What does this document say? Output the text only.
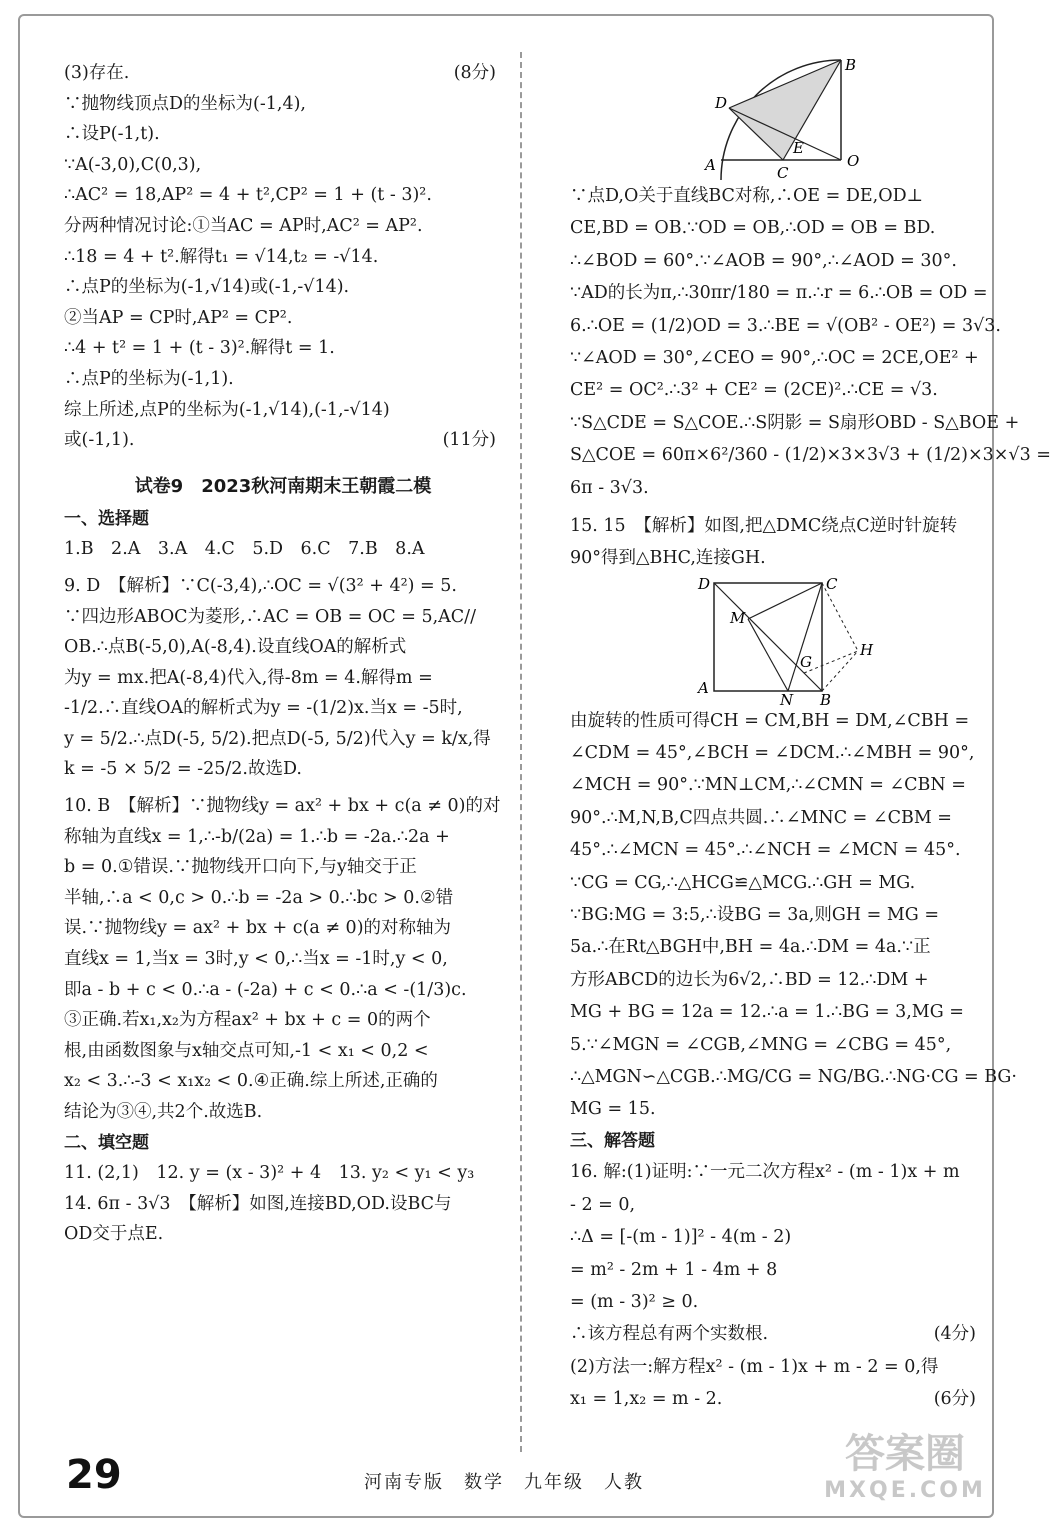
(3)存在.	(8分)
∵抛物线顶点D的坐标为(-1,4),
∴设P(-1,t).
∵A(-3,0),C(0,3),
∴AC² = 18,AP² = 4 + t²,CP² = 1 + (t - 3)².
分两种情况讨论:①当AC = AP时,AC² = AP².
∴18 = 4 + t².解得t₁ = √14,t₂ = -√14.
∴点P的坐标为(-1,√14)或(-1,-√14).
②当AP = CP时,AP² = CP².
∴4 + t² = 1 + (t - 3)².解得t = 1.
∴点P的坐标为(-1,1).
综上所述,点P的坐标为(-1,√14),(-1,-√14)
或(-1,1).	(11分)
试卷9　2023秋河南期末王朝霞二模
一、选择题
1.B　2.A　3.A　4.C　5.D　6.C　7.B　8.A
9. D　【解析】∵C(-3,4),∴OC = √(3² + 4²) = 5.
∵四边形ABOC为菱形,∴AC = OB = OC = 5,AC//
OB.∴点B(-5,0),A(-8,4).设直线OA的解析式
为y = mx.把A(-8,4)代入,得-8m = 4.解得m =
-1/2.∴直线OA的解析式为y = -(1/2)x.当x = -5时,
y = 5/2.∴点D(-5, 5/2).把点D(-5, 5/2)代入y = k/x,得
k = -5 × 5/2 = -25/2.故选D.
10. B　【解析】∵抛物线y = ax² + bx + c(a ≠ 0)的对
称轴为直线x = 1,∴-b/(2a) = 1.∴b = -2a.∴2a +
b = 0.①错误.∵抛物线开口向下,与y轴交于正
半轴,∴a < 0,c > 0.∴b = -2a > 0.∴bc > 0.②错
误.∵抛物线y = ax² + bx + c(a ≠ 0)的对称轴为
直线x = 1,当x = 3时,y < 0,∴当x = -1时,y < 0,
即a - b + c < 0.∴a - (-2a) + c < 0.∴a < -(1/3)c.
③正确.若x₁,x₂为方程ax² + bx + c = 0的两个
根,由函数图象与x轴交点可知,-1 < x₁ < 0,2 <
x₂ < 3.∴-3 < x₁x₂ < 0.④正确.综上所述,正确的
结论为③④,共2个.故选B.
二、填空题
11. (2,1)　12. y = (x - 3)² + 4　13. y₂ < y₁ < y₃
14. 6π - 3√3　【解析】如图,连接BD,OD.设BC与
OD交于点E.
B
D
E
A	C
O
∵点D,O关于直线BC对称,∴OE = DE,OD⊥
CE,BD = OB.∵OD = OB,∴OD = OB = BD.
∴∠BOD = 60°.∵∠AOB = 90°,∴∠AOD = 30°.
∵AD的长为π,∴30πr/180 = π.∴r = 6.∴OB = OD =
6.∴OE = (1/2)OD = 3.∴BE = √(OB² - OE²) = 3√3.
∵∠AOD = 30°,∠CEO = 90°,∴OC = 2CE,OE² +
CE² = OC².∴3² + CE² = (2CE)².∴CE = √3.
∵S△CDE = S△COE.∴S阴影 = S扇形OBD - S△BOE +
S△COE = 60π×6²/360 - (1/2)×3×3√3 + (1/2)×3×√3 =
6π - 3√3.
15. 15　【解析】如图,把△DMC绕点C逆时针旋转
90°得到△BHC,连接GH.
D	C
M
G
H
A
N B
由旋转的性质可得CH = CM,BH = DM,∠CBH =
∠CDM = 45°,∠BCH = ∠DCM.∴∠MBH = 90°,
∠MCH = 90°.∵MN⊥CM,∴∠CMN = ∠CBN =
90°.∴M,N,B,C四点共圆.∴∠MNC = ∠CBM =
45°.∴∠MCN = 45°.∴∠NCH = ∠MCN = 45°.
∵CG = CG,∴△HCG≌△MCG.∴GH = MG.
∵BG:MG = 3:5,∴设BG = 3a,则GH = MG =
5a.∴在Rt△BGH中,BH = 4a.∴DM = 4a.∵正
方形ABCD的边长为6√2,∴BD = 12.∴DM +
MG + BG = 12a = 12.∴a = 1.∴BG = 3,MG =
5.∵∠MGN = ∠CGB,∠MNG = ∠CBG = 45°,
∴△MGN∽△CGB.∴MG/CG = NG/BG.∴NG·CG = BG·
MG = 15.
三、解答题
16. 解:(1)证明:∵一元二次方程x² - (m - 1)x + m
- 2 = 0,
∴Δ = [-(m - 1)]² - 4(m - 2)
= m² - 2m + 1 - 4m + 8
= (m - 3)² ≥ 0.
∴该方程总有两个实数根.	(4分)
(2)方法一:解方程x² - (m - 1)x + m - 2 = 0,得
x₁ = 1,x₂ = m - 2.	(6分)
29	河南专版　数学　九年级　人教
答案圈
MXQE.COM
